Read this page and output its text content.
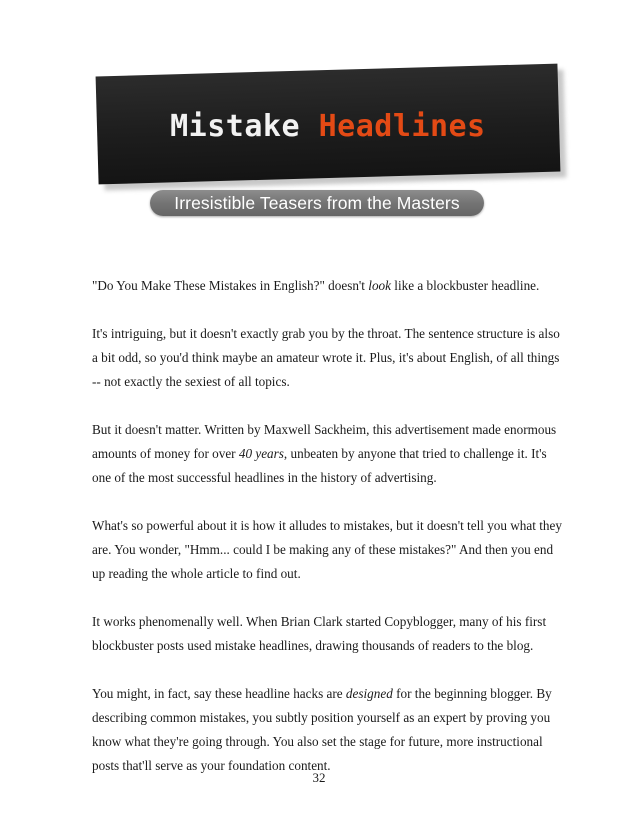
Mistake Headlines
Irresistible Teasers from the Masters

"Do You Make These Mistakes in English?" doesn't look like a blockbuster headline.

It's intriguing, but it doesn't exactly grab you by the throat. The sentence structure is also a bit odd, so you'd think maybe an amateur wrote it. Plus, it's about English, of all things -- not exactly the sexiest of all topics.

But it doesn't matter. Written by Maxwell Sackheim, this advertisement made enormous amounts of money for over 40 years, unbeaten by anyone that tried to challenge it. It's one of the most successful headlines in the history of advertising.

What's so powerful about it is how it alludes to mistakes, but it doesn't tell you what they are. You wonder, "Hmm... could I be making any of these mistakes?" And then you end up reading the whole article to find out.

It works phenomenally well. When Brian Clark started Copyblogger, many of his first blockbuster posts used mistake headlines, drawing thousands of readers to the blog.

You might, in fact, say these headline hacks are designed for the beginning blogger. By describing common mistakes, you subtly position yourself as an expert by proving you know what they're going through. You also set the stage for future, more instructional posts that'll serve as your foundation content.

32
